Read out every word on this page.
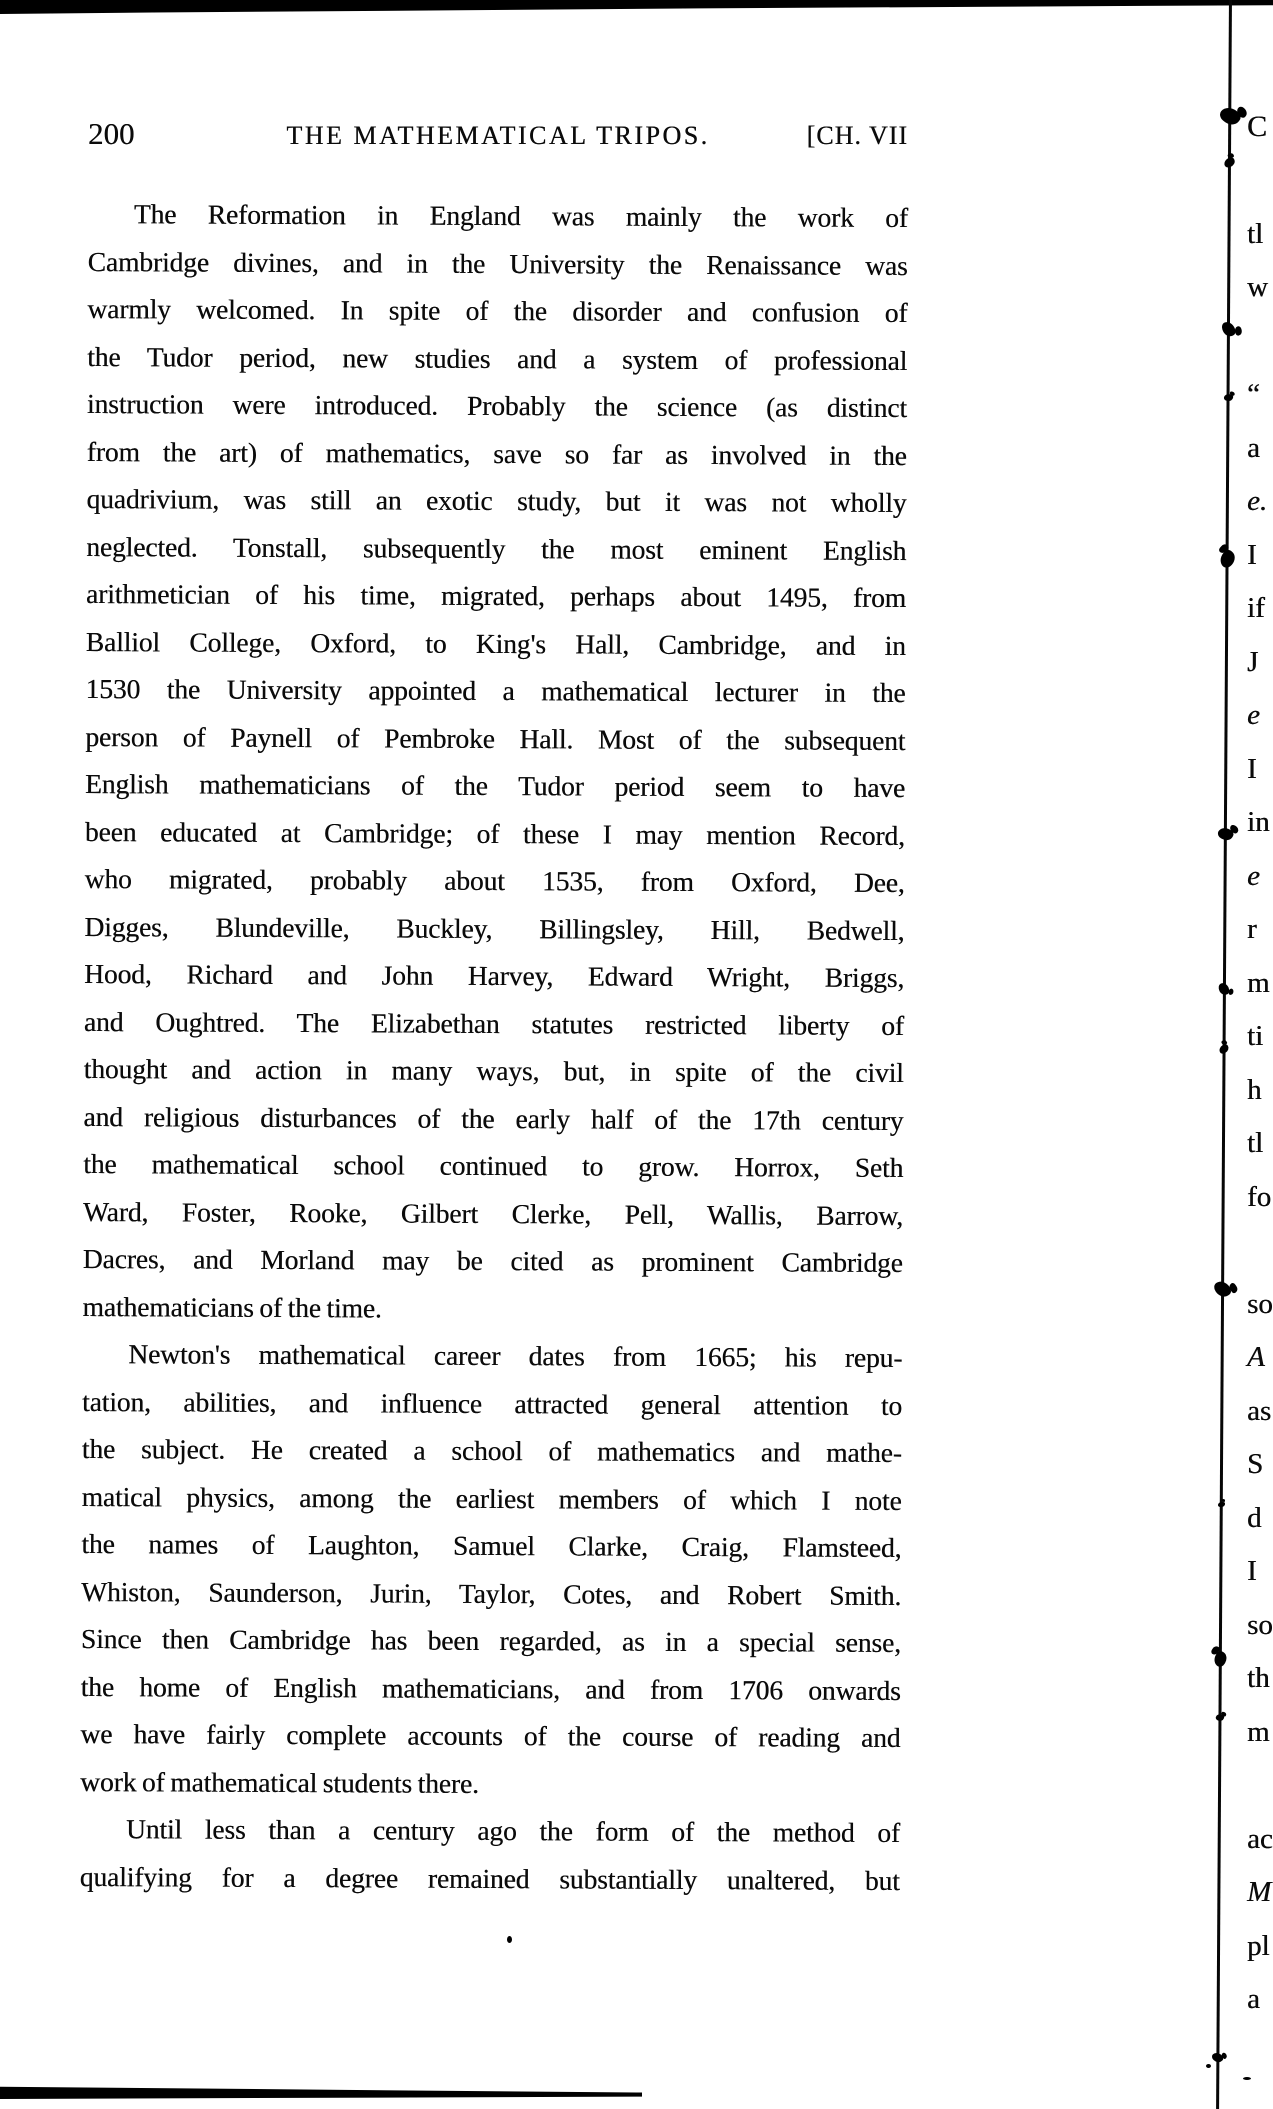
200	THE MATHEMATICAL TRIPOS.	[CH. VII
The Reformation in England was mainly the work of
Cambridge divines, and in the University the Renaissance was
warmly welcomed. In spite of the disorder and confusion of
the Tudor period, new studies and a system of professional
instruction were introduced. Probably the science (as distinct
from the art) of mathematics, save so far as involved in the
quadrivium, was still an exotic study, but it was not wholly
neglected. Tonstall, subsequently the most eminent English
arithmetician of his time, migrated, perhaps about 1495, from
Balliol College, Oxford, to King's Hall, Cambridge, and in
1530 the University appointed a mathematical lecturer in the
person of Paynell of Pembroke Hall. Most of the subsequent
English mathematicians of the Tudor period seem to have
been educated at Cambridge; of these I may mention Record,
who migrated, probably about 1535, from Oxford, Dee,
Digges, Blundeville, Buckley, Billingsley, Hill, Bedwell,
Hood, Richard and John Harvey, Edward Wright, Briggs,
and Oughtred. The Elizabethan statutes restricted liberty of
thought and action in many ways, but, in spite of the civil
and religious disturbances of the early half of the 17th century
the mathematical school continued to grow. Horrox, Seth
Ward, Foster, Rooke, Gilbert Clerke, Pell, Wallis, Barrow,
Dacres, and Morland may be cited as prominent Cambridge
mathematicians of the time.
Newton's mathematical career dates from 1665; his repu-
tation, abilities, and influence attracted general attention to
the subject. He created a school of mathematics and mathe-
matical physics, among the earliest members of which I note
the names of Laughton, Samuel Clarke, Craig, Flamsteed,
Whiston, Saunderson, Jurin, Taylor, Cotes, and Robert Smith.
Since then Cambridge has been regarded, as in a special sense,
the home of English mathematicians, and from 1706 onwards
we have fairly complete accounts of the course of reading and
work of mathematical students there.
Until less than a century ago the form of the method of
qualifying for a degree remained substantially unaltered, but
C
tl
w
“
a
e.
I
if
J
e
I
in
e
r
m
ti
h
tl
fo
so
A
as
S
d
I
so
th
m
ac
M
pl
a
